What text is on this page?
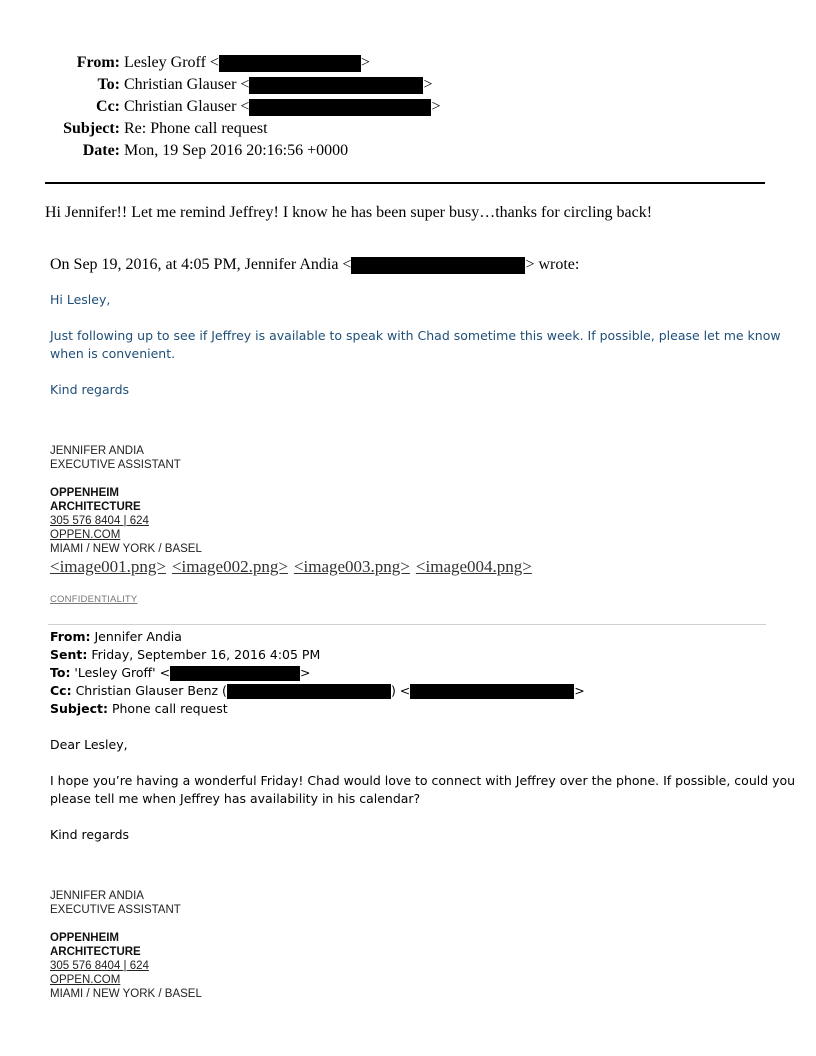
From: Lesley Groff <	>
To: Christian Glauser <	>
Cc: Christian Glauser <	>
Subject: Re: Phone call request
Date: Mon, 19 Sep 2016 20:16:56 +0000
Hi Jennifer!! Let me remind Jeffrey! I know he has been super busy…thanks for circling back!
On Sep 19, 2016, at 4:05 PM, Jennifer Andia <	> wrote:
Hi Lesley,
Just following up to see if Jeffrey is available to speak with Chad sometime this week. If possible, please let me know
when is convenient.
Kind regards
JENNIFER ANDIA
EXECUTIVE ASSISTANT
OPPENHEIM
ARCHITECTURE
305 576 8404 | 624
OPPEN.COM
MIAMI / NEW YORK / BASEL
<image001.png> <image002.png> <image003.png> <image004.png>
CONFIDENTIALITY
From: Jennifer Andia
Sent: Friday, September 16, 2016 4:05 PM
To: 'Lesley Groff' <	>
Cc: Christian Glauser Benz (	) <	>
Subject: Phone call request
Dear Lesley,
I hope you’re having a wonderful Friday! Chad would love to connect with Jeffrey over the phone. If possible, could you
please tell me when Jeffrey has availability in his calendar?
Kind regards
JENNIFER ANDIA
EXECUTIVE ASSISTANT
OPPENHEIM
ARCHITECTURE
305 576 8404 | 624
OPPEN.COM
MIAMI / NEW YORK / BASEL
